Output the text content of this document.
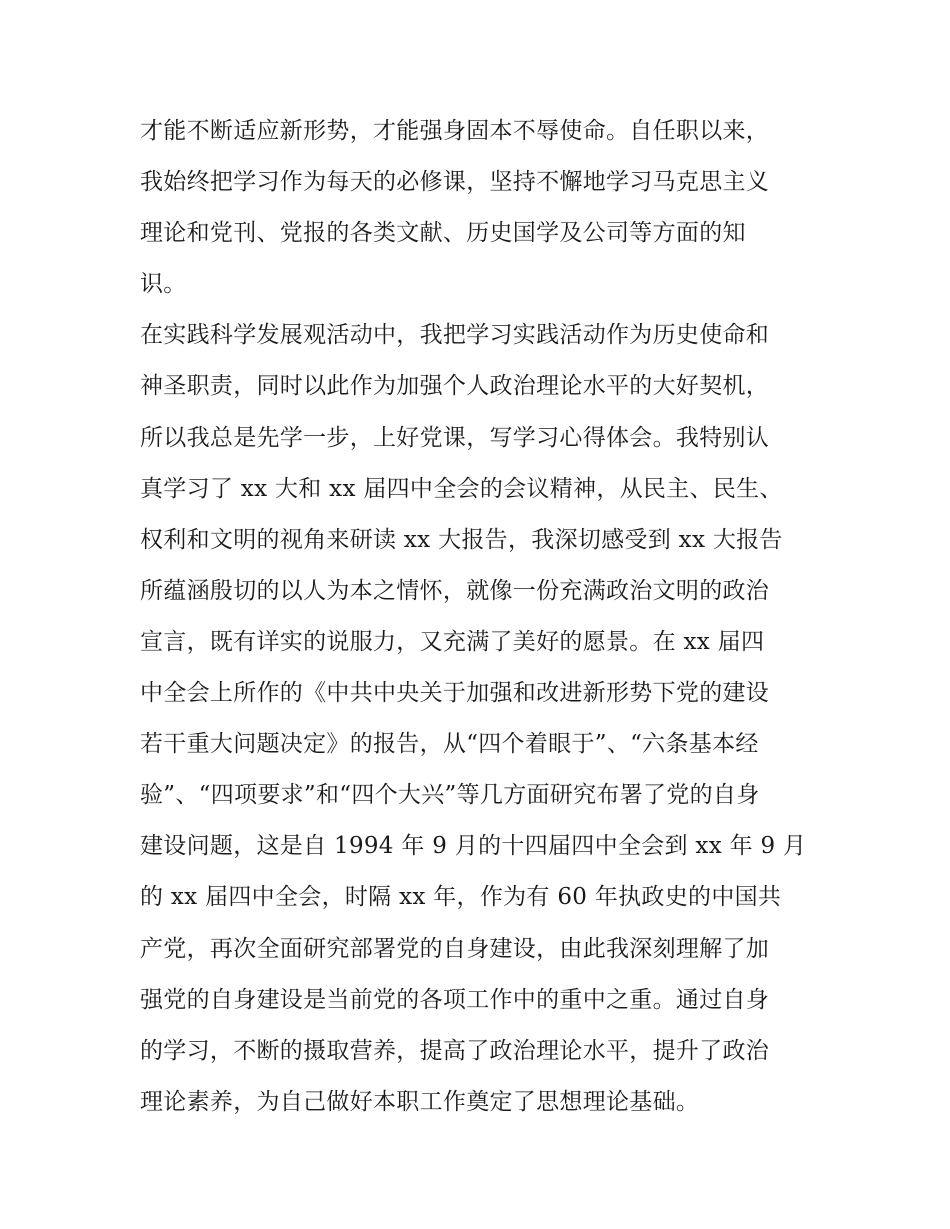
才能不断适应新形势，才能强身固本不辱使命。自任职以来，
我始终把学习作为每天的必修课，坚持不懈地学习马克思主义
理论和党刊、党报的各类文献、历史国学及公司等方面的知
识。
在实践科学发展观活动中，我把学习实践活动作为历史使命和
神圣职责，同时以此作为加强个人政治理论水平的大好契机，
所以我总是先学一步，上好党课，写学习心得体会。我特别认
真学习了 xx 大和 xx 届四中全会的会议精神，从民主、民生、
权利和文明的视角来研读 xx 大报告，我深切感受到 xx 大报告
所蕴涵殷切的以人为本之情怀，就像一份充满政治文明的政治
宣言，既有详实的说服力，又充满了美好的愿景。在 xx 届四
中全会上所作的《中共中央关于加强和改进新形势下党的建设
若干重大问题决定》的报告，从“四个着眼于”、“六条基本经
验”、“四项要求”和“四个大兴”等几方面研究布署了党的自身
建设问题，这是自 1994 年 9 月的十四届四中全会到 xx 年 9 月
的 xx 届四中全会，时隔 xx 年，作为有 60 年执政史的中国共
产党，再次全面研究部署党的自身建设，由此我深刻理解了加
强党的自身建设是当前党的各项工作中的重中之重。通过自身
的学习，不断的摄取营养，提高了政治理论水平，提升了政治
理论素养，为自己做好本职工作奠定了思想理论基础。
